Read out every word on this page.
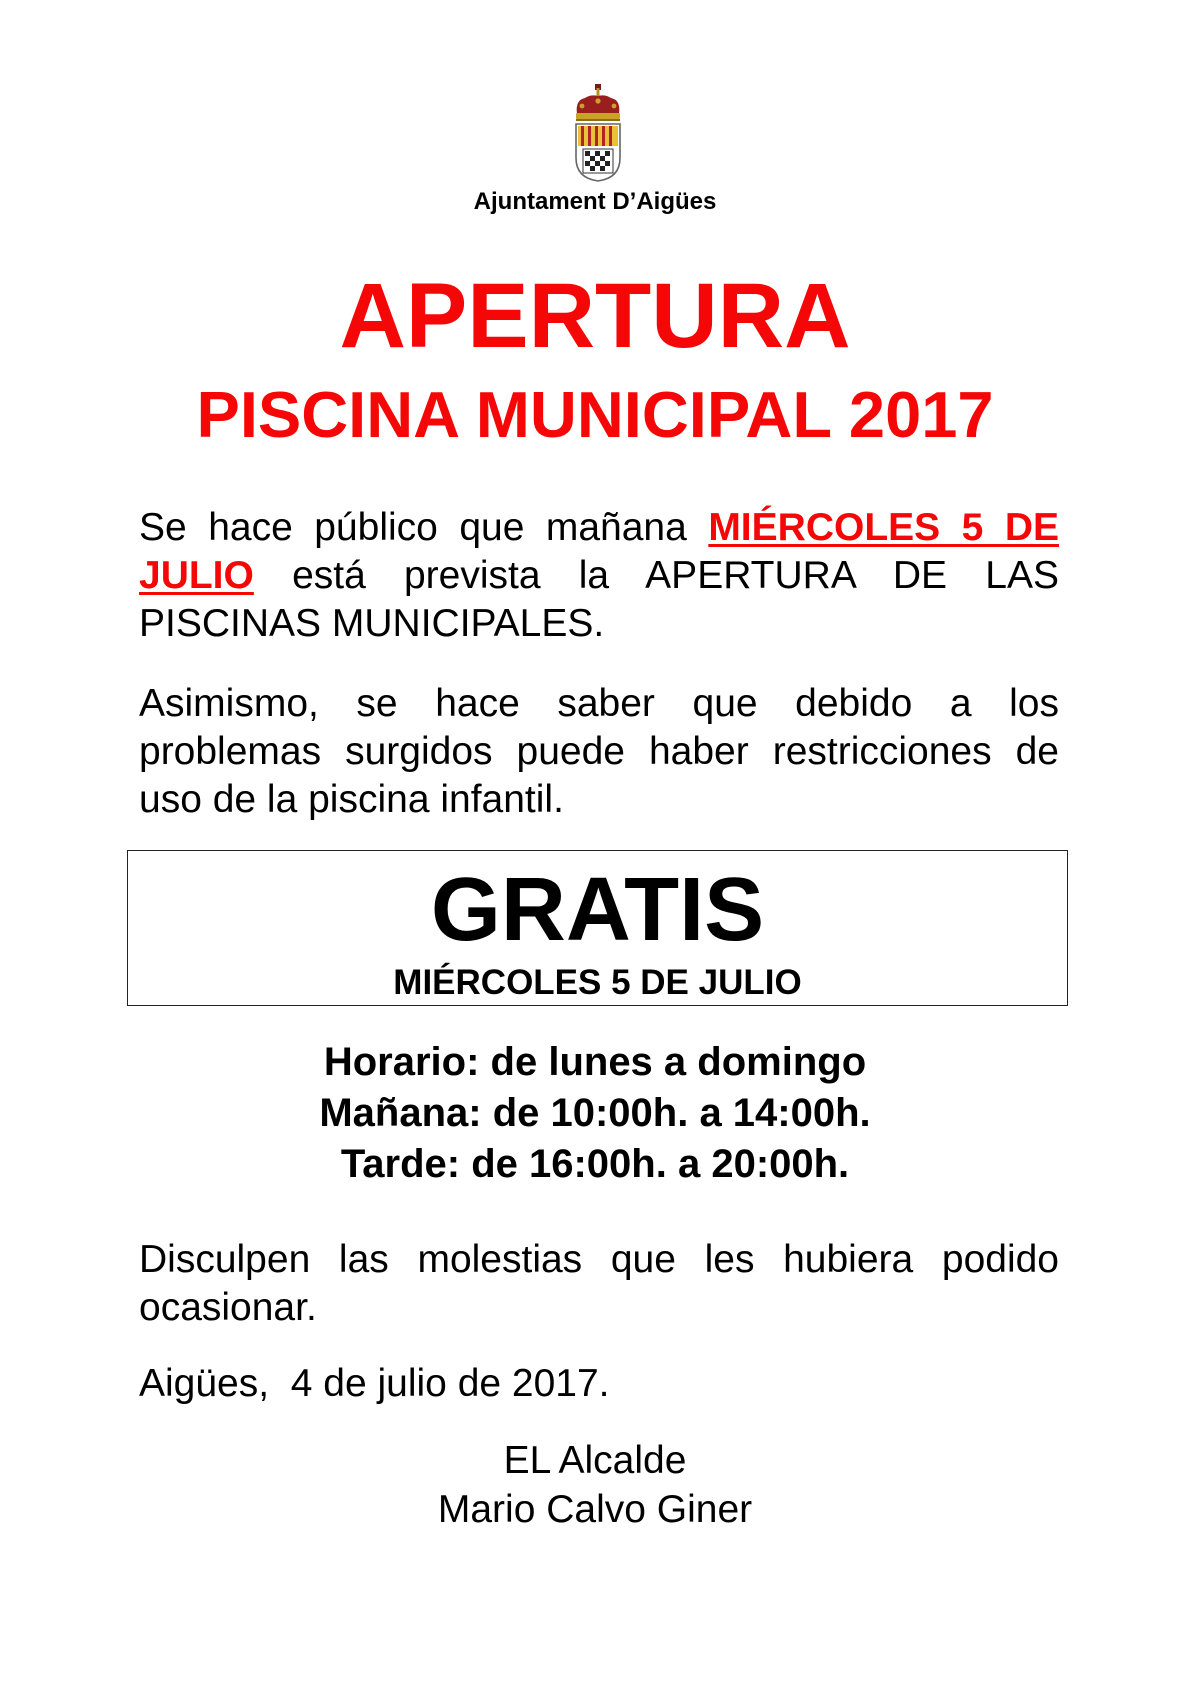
Ajuntament D’Aigües
APERTURA
PISCINA MUNICIPAL 2017

Se hace público que mañana MIÉRCOLES 5 DE JULIO está prevista la APERTURA DE LAS PISCINAS MUNICIPALES.

Asimismo, se hace saber que debido a los problemas surgidos puede haber restricciones de uso de la piscina infantil.

GRATIS
MIÉRCOLES 5 DE JULIO
Horario: de lunes a domingo
Mañana: de 10:00h. a 14:00h.
Tarde: de 16:00h. a 20:00h.

Disculpen las molestias que les hubiera podido ocasionar.

Aigües,  4 de julio de 2017.
EL Alcalde
Mario Calvo Giner
